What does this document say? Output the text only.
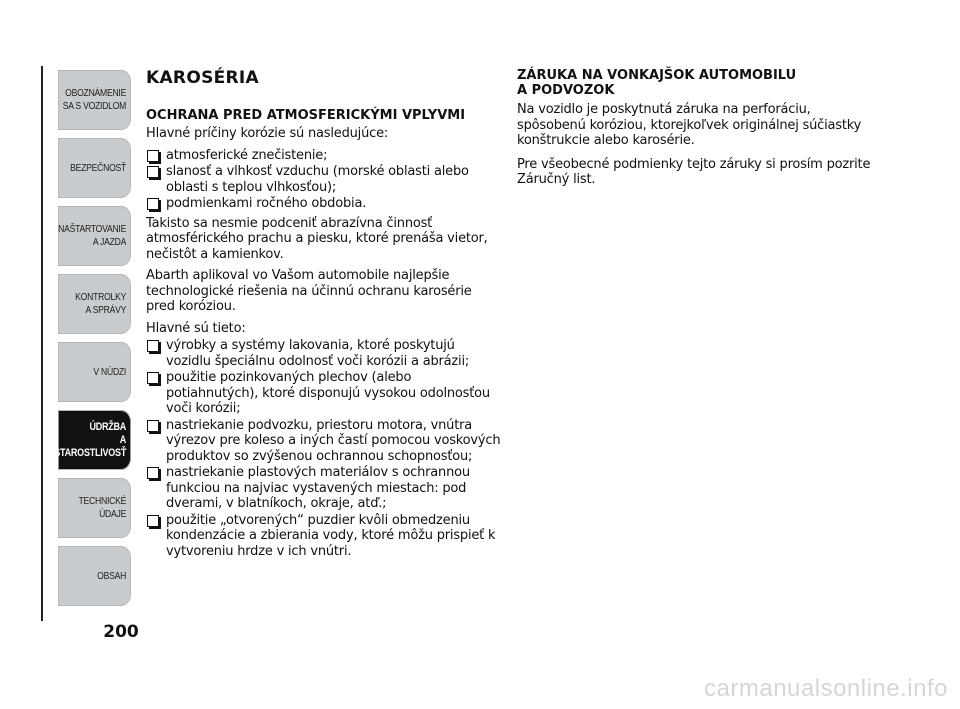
OBOZNÁMENIE
SA S VOZIDLOM
BEZPEČNOSŤ
NAŠTARTOVANIE
A JAZDA
KONTROLKY
A SPRÁVY
V NÚDZI
ÚDRŽBA
A STAROSTLIVOSŤ
TECHNICKÉ
ÚDAJE
OBSAH
200
KAROSÉRIA
OCHRANA PRED ATMOSFERICKÝMI VPLYVMI

Hlavné príčiny korózie sú nasledujúce:

atmosferické znečistenie;
slanosť a vlhkosť vzduchu (morské oblasti alebo oblasti s teplou vlhkosťou);
podmienkami ročného obdobia.

Takisto sa nesmie podceniť abrazívna činnosť atmosférického prachu a piesku, ktoré prenáša vietor, nečistôt a kamienkov.

Abarth aplikoval vo Vašom automobile najlepšie technologické riešenia na účinnú ochranu karosérie pred koróziou.

Hlavné sú tieto:

výrobky a systémy lakovania, ktoré poskytujú vozidlu špeciálnu odolnosť voči korózii a abrázii;
použitie pozinkovaných plechov (alebo potiahnutých), ktoré disponujú vysokou odolnosťou voči korózii;
nastriekanie podvozku, priestoru motora, vnútra výrezov pre koleso a iných častí pomocou voskových produktov so zvýšenou ochrannou schopnosťou;
nastriekanie plastových materiálov s ochrannou funkciou na najviac vystavených miestach: pod dverami, v blatníkoch, okraje, atď.;
použitie „otvorených“ puzdier kvôli obmedzeniu kondenzácie a zbierania vody, ktoré môžu prispieť k vytvoreniu hrdze v ich vnútri.
ZÁRUKA NA VONKAJŠOK AUTOMOBILU
A PODVOZOK

Na vozidlo je poskytnutá záruka na perforáciu, spôsobenú koróziou, ktorejkoľvek originálnej súčiastky konštrukcie alebo karosérie.

Pre všeobecné podmienky tejto záruky si prosím pozrite Záručný list.

carmanualsonline.info
